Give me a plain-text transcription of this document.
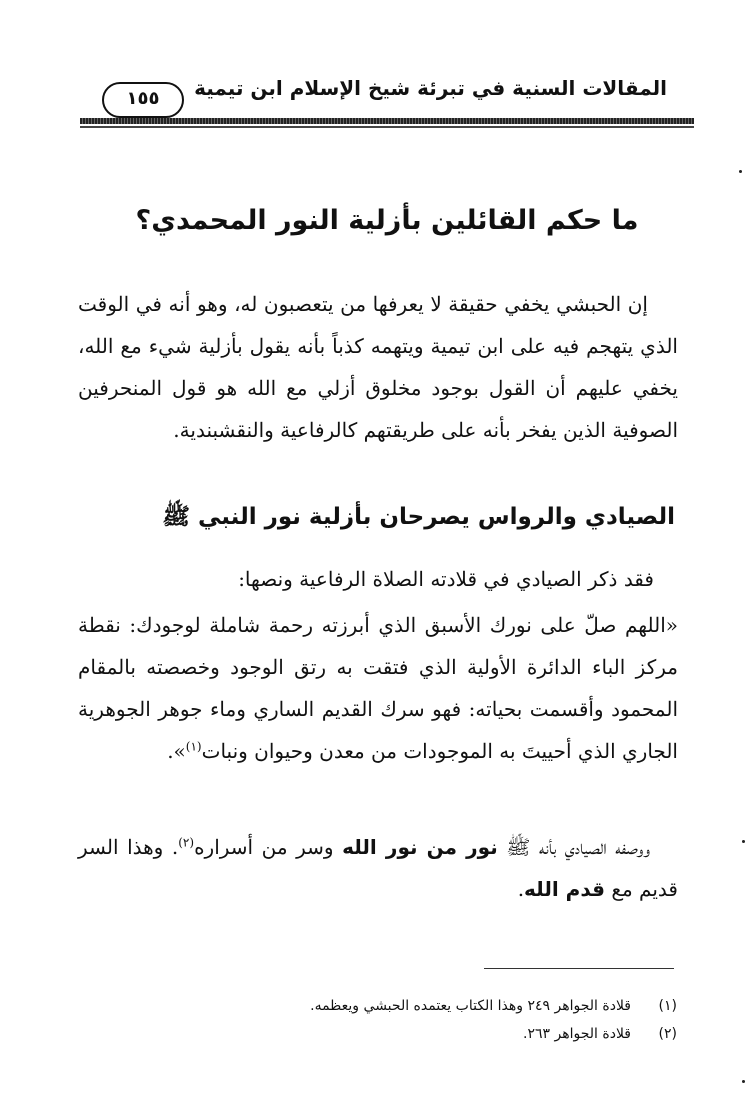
المقالات السنية في تبرئة شيخ الإسلام ابن تيمية
١٥٥
ما حكم القائلين بأزلية النور المحمدي؟
إن الحبشي يخفي حقيقة لا يعرفها من يتعصبون له، وهو أنه في الوقت الذي يتهجم فيه على ابن تيمية ويتهمه كذباً بأنه يقول بأزلية شيء مع الله، يخفي عليهم أن القول بوجود مخلوق أزلي مع الله هو قول المنحرفين الصوفية الذين يفخر بأنه على طريقتهم كالرفاعية والنقشبندية.
الصيادي والرواس يصرحان بأزلية نور النبي ﷺ
فقد ذكر الصيادي في قلادته الصلاة الرفاعية ونصها:
«اللهم صلّ على نورك الأسبق الذي أبرزته رحمة شاملة لوجودك: نقطة مركز الباء الدائرة الأولية الذي فتقت به رتق الوجود وخصصته بالمقام المحمود وأقسمت بحياته: فهو سرك القديم الساري وماء جوهر الجوهرية الجاري الذي أحييتَ به الموجودات من معدن وحيوان ونبات$^{(١)}$».
ووصفه الصيادي بأنه ﷺ نور من نور الله وسر من أسراره$^{(٢)}$. وهذا السر قديم مع قدم الله.
(١)قلادة الجواهر ٢٤٩ وهذا الكتاب يعتمده الحبشي ويعظمه.
(٢)قلادة الجواهر ٢٦٣.
